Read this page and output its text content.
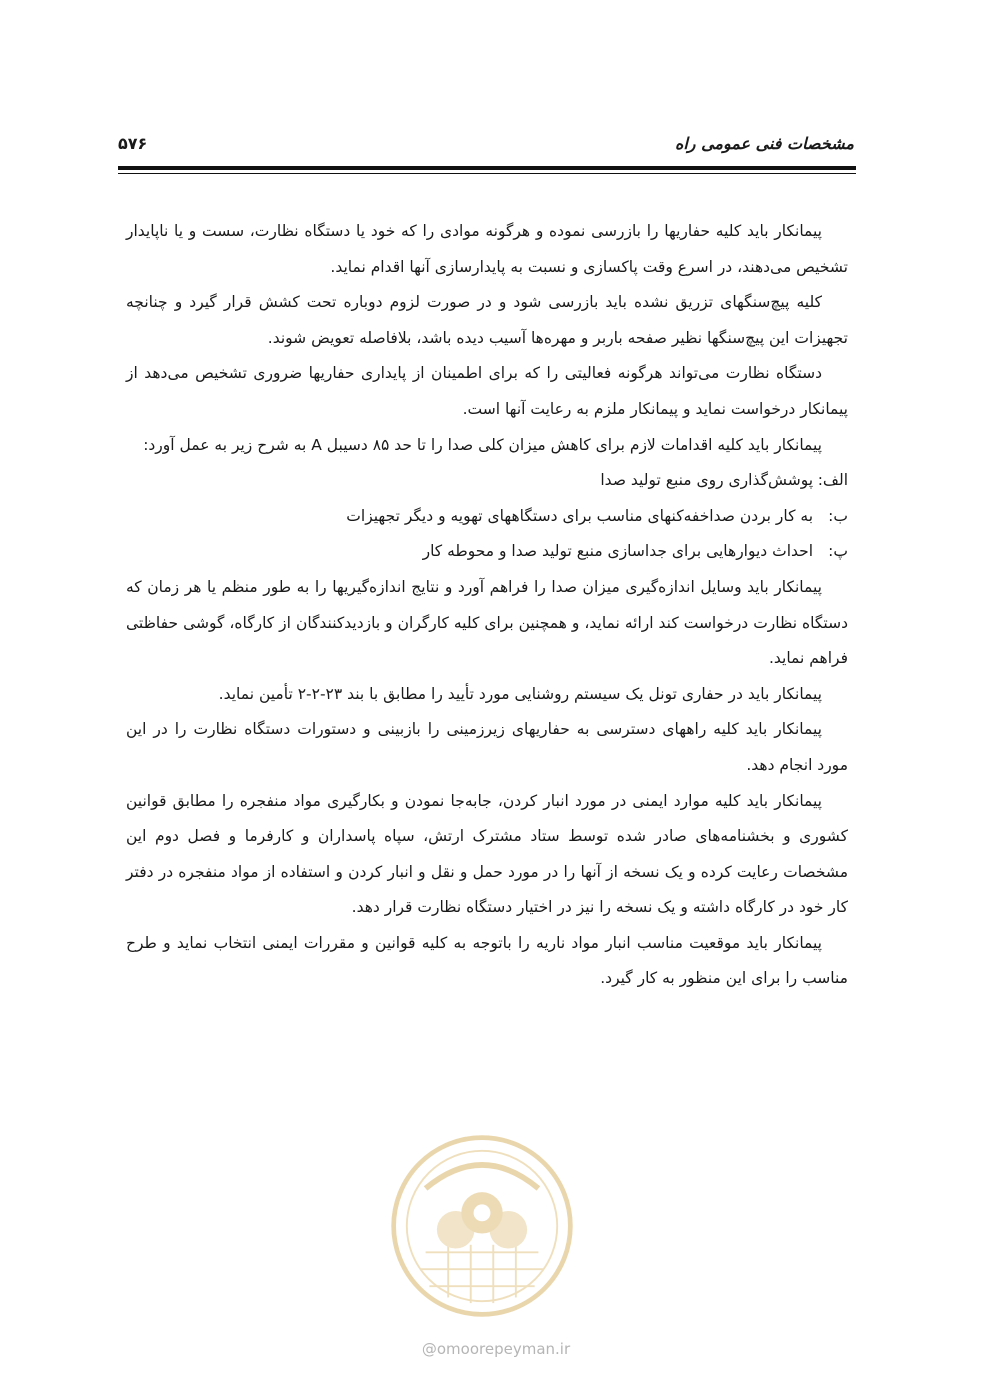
مشخصات فنی عمومی راه
۵۷۶

پیمانکار باید کلیه حفاریها را بازرسی نموده و هرگونه موادی را که خود یا دستگاه نظارت، سست و یا ناپایدار تشخیص می‌دهند، در اسرع وقت پاکسازی و نسبت به پایدارسازی آنها اقدام نماید.

کلیه پیچ‌سنگهای تزریق نشده باید بازرسی شود و در صورت لزوم دوباره تحت کشش قرار گیرد و چنانچه تجهیزات این پیچ‌سنگها نظیر صفحه باربر و مهره‌ها آسیب دیده باشد، بلافاصله تعویض شوند.

دستگاه نظارت می‌تواند هرگونه فعالیتی را که برای اطمینان از پایداری حفاریها ضروری تشخیص می‌دهد از پیمانکار درخواست نماید و پیمانکار ملزم به رعایت آنها است.

پیمانکار باید کلیه اقدامات لازم برای کاهش میزان کلی صدا را تا حد ۸۵ دسیبل A به شرح زیر به عمل آورد:

الف: پوشش‌گذاری روی منبع تولید صدا

ب: به کار بردن صداخفه‌کنهای مناسب برای دستگاههای تهویه و دیگر تجهیزات

پ: احداث دیوارهایی برای جداسازی منبع تولید صدا و محوطه کار

پیمانکار باید وسایل اندازه‌گیری میزان صدا را فراهم آورد و نتایج اندازه‌گیریها را به طور منظم یا هر زمان که دستگاه نظارت درخواست کند ارائه نماید، و همچنین برای کلیه کارگران و بازدیدکنندگان از کارگاه، گوشی حفاظتی فراهم نماید.

پیمانکار باید در حفاری تونل یک سیستم روشنایی مورد تأیید را مطابق با بند ۲۳-۲-۲ تأمین نماید.

پیمانکار باید کلیه راههای دسترسی به حفاریهای زیرزمینی را بازبینی و دستورات دستگاه نظارت را در این مورد انجام دهد.

پیمانکار باید کلیه موارد ایمنی در مورد انبار کردن، جابه‌جا نمودن و بکارگیری مواد منفجره را مطابق قوانین کشوری و بخشنامه‌های صادر شده توسط ستاد مشترک ارتش، سپاه پاسداران و کارفرما و فصل دوم این مشخصات رعایت کرده و یک نسخه از آنها را در مورد حمل و نقل و انبار کردن و استفاده از مواد منفجره در دفتر کار خود در کارگاه داشته و یک نسخه را نیز در اختیار دستگاه نظارت قرار دهد.

پیمانکار باید موقعیت مناسب انبار مواد ناریه را باتوجه به کلیه قوانین و مقررات ایمنی انتخاب نماید و طرح مناسب را برای این منظور به کار گیرد.

@omoorepeyman.ir
